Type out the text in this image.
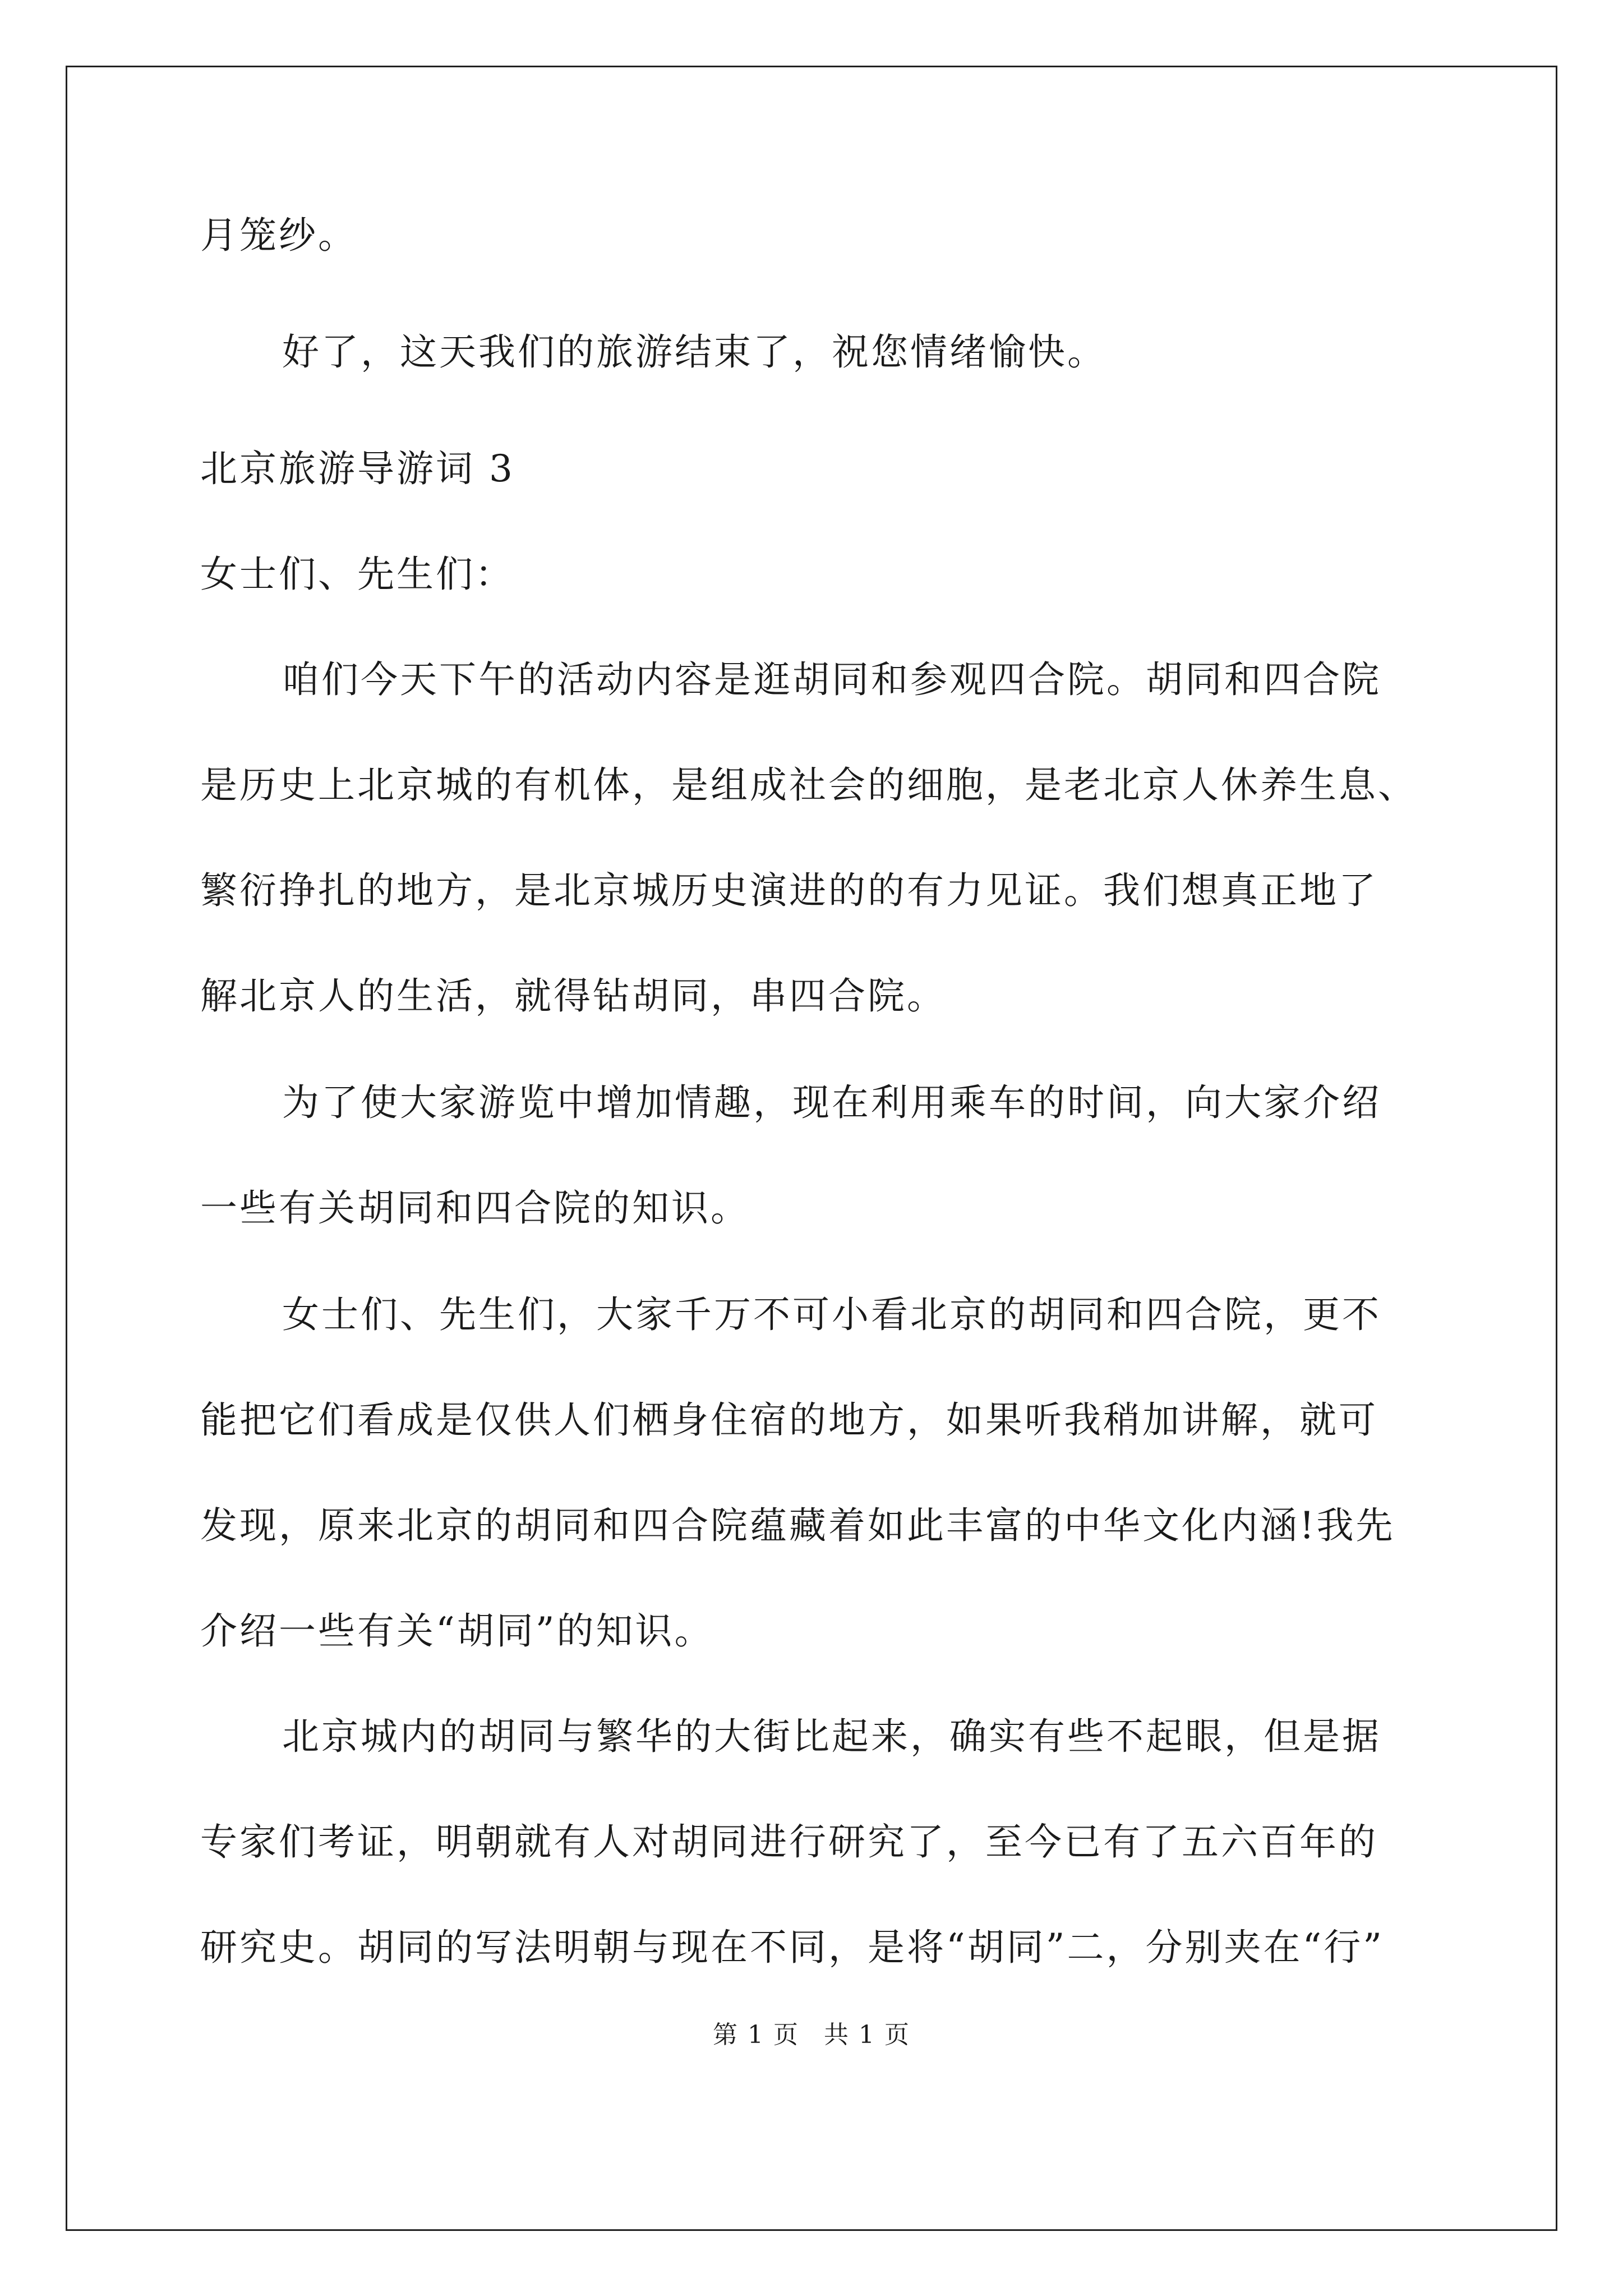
月笼纱。
好了，这天我们的旅游结束了，祝您情绪愉快。
北京旅游导游词 3
女士们、先生们：
咱们今天下午的活动内容是逛胡同和参观四合院。胡同和四合院
是历史上北京城的有机体，是组成社会的细胞，是老北京人休养生息、
繁衍挣扎的地方，是北京城历史演进的的有力见证。我们想真正地了
解北京人的生活，就得钻胡同，串四合院。
为了使大家游览中增加情趣，现在利用乘车的时间，向大家介绍
一些有关胡同和四合院的知识。
女士们、先生们，大家千万不可小看北京的胡同和四合院，更不
能把它们看成是仅供人们栖身住宿的地方，如果听我稍加讲解，就可
发现，原来北京的胡同和四合院蕴藏着如此丰富的中华文化内涵!我先
介绍一些有关“胡同”的知识。
北京城内的胡同与繁华的大街比起来，确实有些不起眼，但是据
专家们考证，明朝就有人对胡同进行研究了，至今已有了五六百年的
研究史。胡同的写法明朝与现在不同，是将“胡同”二，分别夹在“行”
第 1 页 共 1 页
